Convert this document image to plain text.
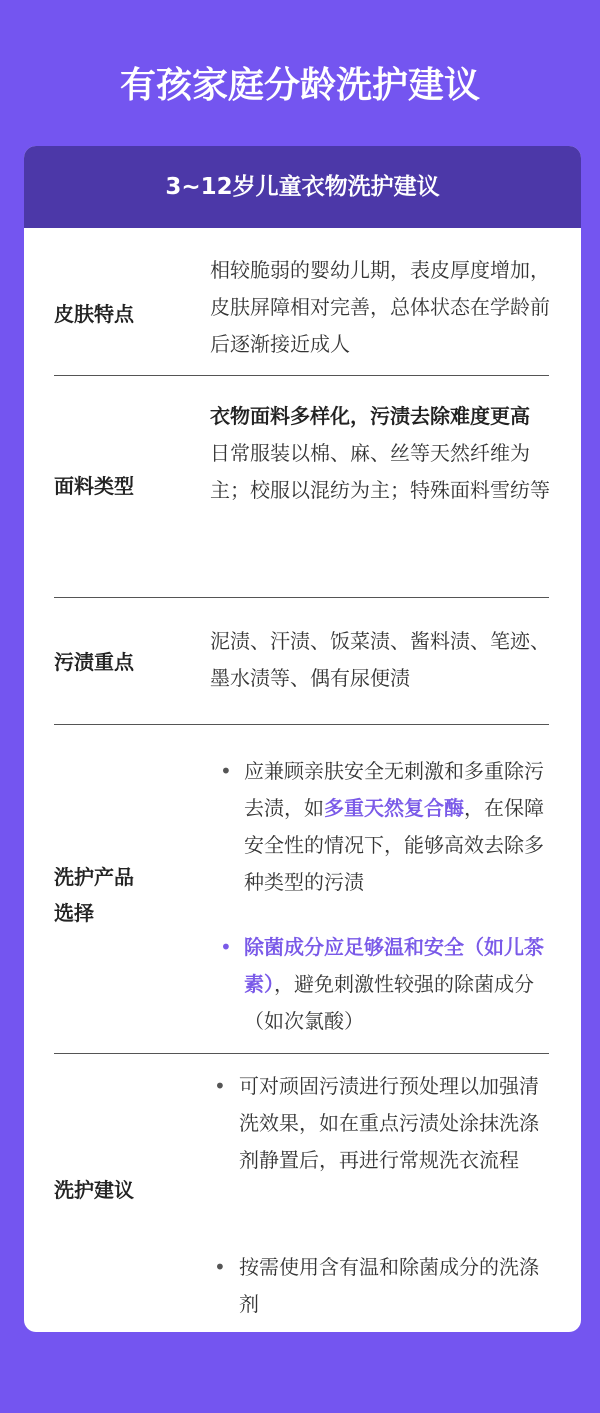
有孩家庭分龄洗护建议
3~12岁儿童衣物洗护建议
皮肤特点
相较脆弱的婴幼儿期，表皮厚度增加，皮肤屏障相对完善，总体状态在学龄前后逐渐接近成人
面料类型
衣物面料多样化，污渍去除难度更高
日常服装以棉、麻、丝等天然纤维为主；校服以混纺为主；特殊面料雪纺等
污渍重点
泥渍、汗渍、饭菜渍、酱料渍、笔迹、墨水渍等、偶有尿便渍
洗护产品
选择
• 应兼顾亲肤安全无刺激和多重除污去渍，如多重天然复合酶，在保障安全性的情况下，能够高效去除多种类型的污渍
• 除菌成分应足够温和安全（如儿茶素），避免刺激性较强的除菌成分（如次氯酸）
洗护建议
• 可对顽固污渍进行预处理以加强清洗效果，如在重点污渍处涂抹洗涤剂静置后，再进行常规洗衣流程
• 按需使用含有温和除菌成分的洗涤剂
